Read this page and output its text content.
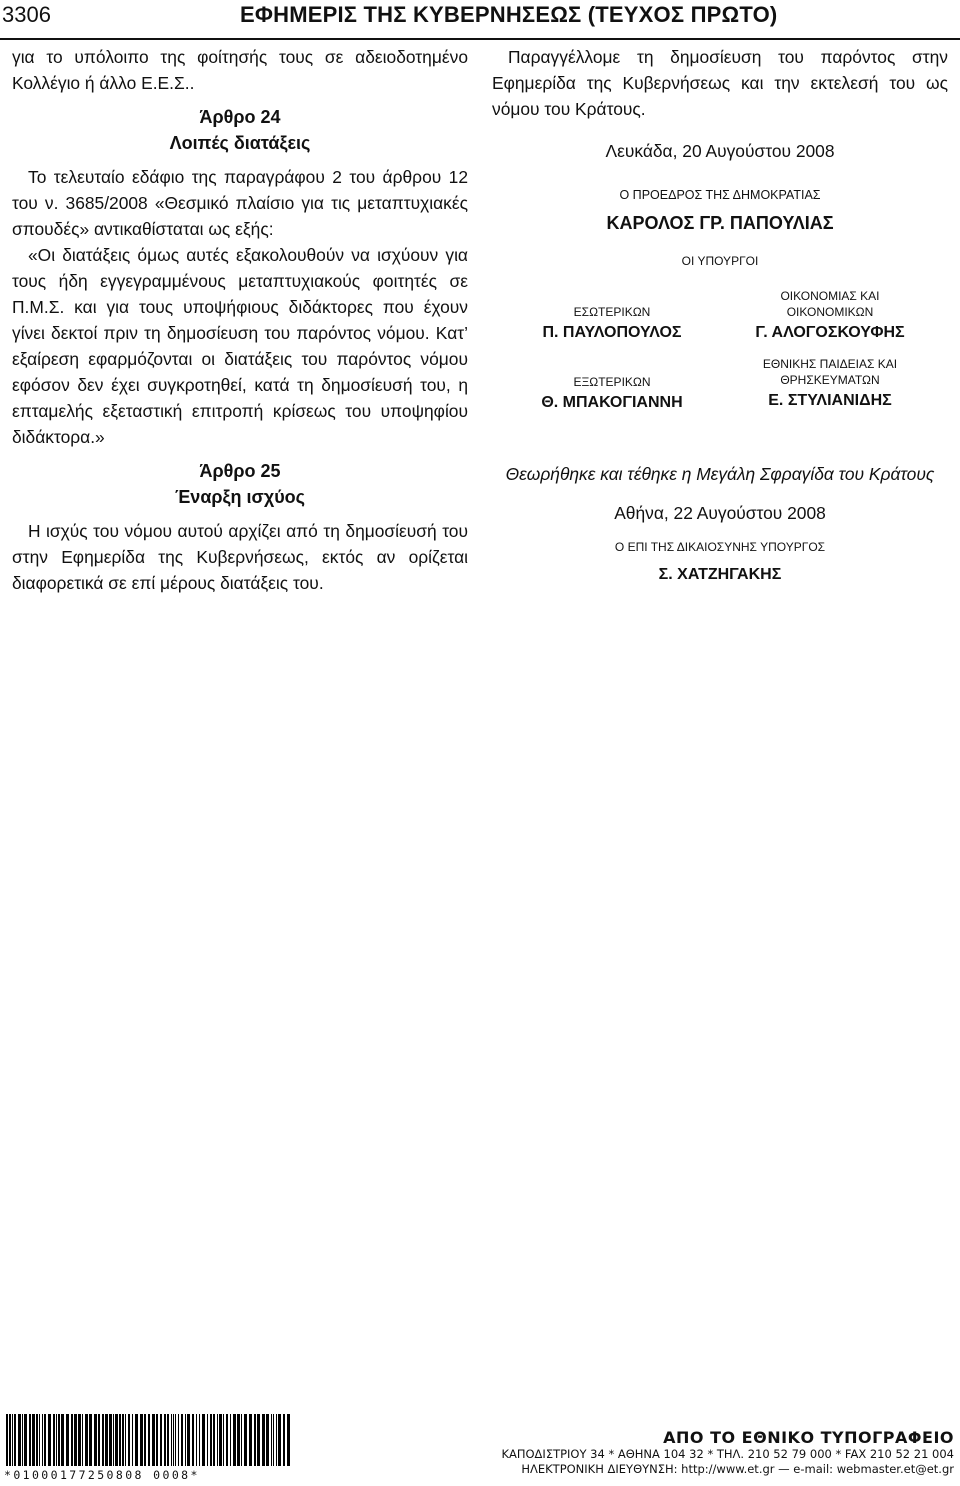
3306	ΕΦΗΜΕΡΙΣ ΤΗΣ ΚΥΒΕΡΝΗΣΕΩΣ (ΤΕΥΧΟΣ ΠΡΩΤΟ)

για το υπόλοιπο της φοίτησής τους σε αδειοδοτημένο Κολλέγιο ή άλλο Ε.Ε.Σ..

Άρθρο 24
Λοιπές διατάξεις

Το τελευταίο εδάφιο της παραγράφου 2 του άρθρου 12 του ν. 3685/2008 «Θεσμικό πλαίσιο για τις μεταπτυχιακές σπουδές» αντικαθίσταται ως εξής:

«Οι διατάξεις όμως αυτές εξακολουθούν να ισχύουν για τους ήδη εγγεγραμμένους μεταπτυχιακούς φοιτητές σε Π.Μ.Σ. και για τους υποψήφιους διδάκτορες που έχουν γίνει δεκτοί πριν τη δημοσίευση του παρόντος νόμου. Κατ’ εξαίρεση εφαρμόζονται οι διατάξεις του παρόντος νόμου εφόσον δεν έχει συγκροτηθεί, κατά τη δημοσίευσή του, η επταμελής εξεταστική επιτροπή κρίσεως του υποψηφίου διδάκτορα.»

Άρθρο 25
Έναρξη ισχύος

Η ισχύς του νόμου αυτού αρχίζει από τη δημοσίευσή του στην Εφημερίδα της Κυβερνήσεως, εκτός αν ορίζεται διαφορετικά σε επί μέρους διατάξεις του.

Παραγγέλλομε τη δημοσίευση του παρόντος στην Εφημερίδα της Κυβερνήσεως και την εκτελεσή του ως νόμου του Κράτους.

Λευκάδα, 20 Αυγούστου 2008
Ο ΠΡΟΕΔΡΟΣ ΤΗΣ ΔΗΜΟΚΡΑΤΙΑΣ
ΚΑΡΟΛΟΣ ΓΡ. ΠΑΠΟΥΛΙΑΣ
ΟΙ ΥΠΟΥΡΓΟΙ
ΕΣΩΤΕΡΙΚΩΝ
Π. ΠΑΥΛΟΠΟΥΛΟΣ
ΟΙΚΟΝΟΜΙΑΣ ΚΑΙ ΟΙΚΟΝΟΜΙΚΩΝ
Γ. ΑΛΟΓΟΣΚΟΥΦΗΣ
ΕΞΩΤΕΡΙΚΩΝ
Θ. ΜΠΑΚΟΓΙΑΝΝΗ
ΕΘΝΙΚΗΣ ΠΑΙΔΕΙΑΣ ΚΑΙ ΘΡΗΣΚΕΥΜΑΤΩΝ
Ε. ΣΤΥΛΙΑΝΙΔΗΣ
Θεωρήθηκε και τέθηκε η Μεγάλη Σφραγίδα του Κράτους
Αθήνα, 22 Αυγούστου 2008
Ο ΕΠΙ ΤΗΣ ΔΙΚΑΙΟΣΥΝΗΣ ΥΠΟΥΡΓΟΣ
Σ. ΧΑΤΖΗΓΑΚΗΣ
*01000177250808 0008*
ΑΠΟ ΤΟ ΕΘΝΙΚΟ ΤΥΠΟΓΡΑΦΕΙΟ
ΚΑΠΟΔΙΣΤΡΙΟΥ 34 * ΑΘΗΝΑ 104 32 * ΤΗΛ. 210 52 79 000 * FAX 210 52 21 004
ΗΛΕΚΤΡΟΝΙΚΗ ΔΙΕΥΘΥΝΣΗ: http://www.et.gr — e-mail: webmaster.et@et.gr
